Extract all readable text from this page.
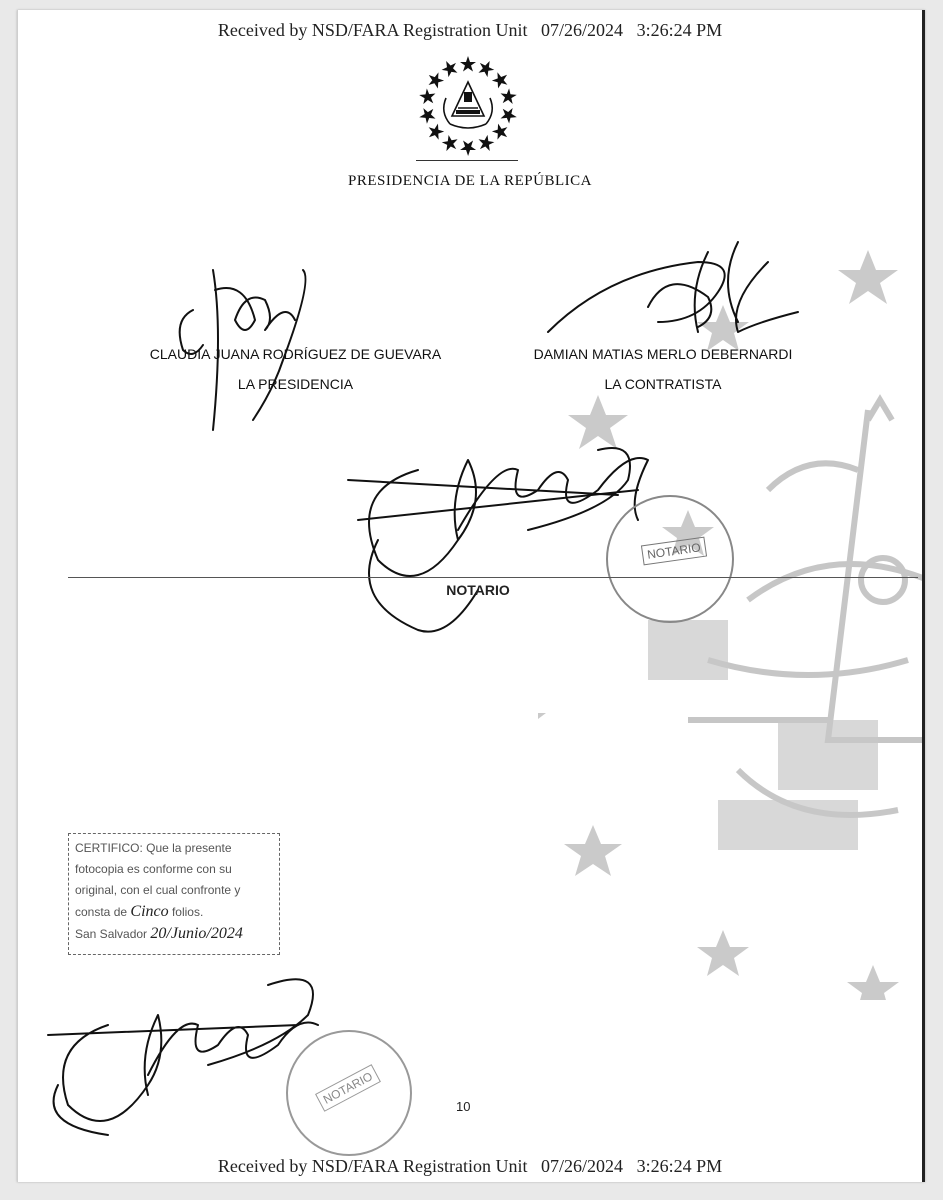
Received by NSD/FARA Registration Unit 07/26/2024 3:26:24 PM
PRESIDENCIA DE LA REPÚBLICA
CLAUDIA JUANA RODRÍGUEZ DE GUEVARA
LA PRESIDENCIA
DAMIAN MATIAS MERLO DEBERNARDI
LA CONTRATISTA
NOTARIO
NOTARIO
CERTIFICO: Que la presente
fotocopia es conforme con su
original, con el cual confronte y
consta de Cinco folios.
San Salvador 20/Junio/2024
NOTARIO	10
Received by NSD/FARA Registration Unit 07/26/2024 3:26:24 PM
